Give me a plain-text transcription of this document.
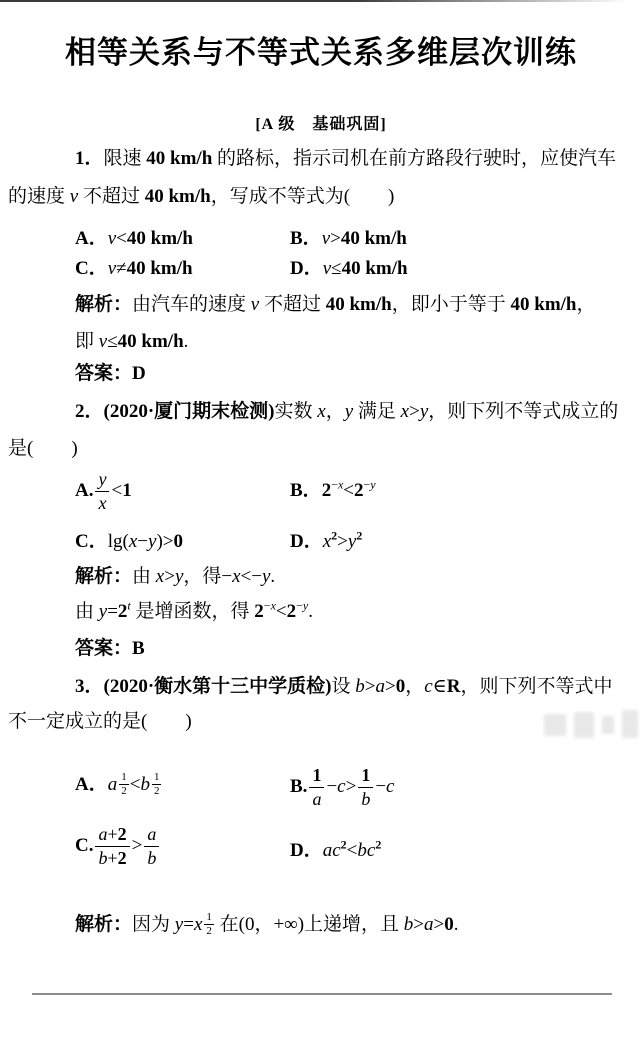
相等关系与不等式关系多维层次训练
[A 级　基础巩固]
1．限速 40 km/h 的路标，指示司机在前方路段行驶时，应使汽车
的速度 v 不超过 40 km/h，写成不等式为(　　)
A．v<40 km/h	B．v>40 km/h
C．v≠40 km/h	D．v≤40 km/h
解析：由汽车的速度 v 不超过 40 km/h，即小于等于 40 km/h，
即 v≤40 km/h.
答案：D
2．(2020·厦门期末检测)实数 x，y 满足 x>y，则下列不等式成立的
是(　　)
A. $\frac{y}{x} < 1$	B．$2^{-x}<2^{-y}$
C．lg(x−y)>0	D．$x^2>y^2$
解析：由 x>y，得−x<−y.
由 $y=2^t$ 是增函数，得 $2^{-x}<2^{-y}$.
答案：B
3．(2020·衡水第十三中学质检)设 b>a>0，c∈R，则下列不等式中
不一定成立的是(　　)
A．a $\frac{1}{2} <b \frac{1}{2}$	B. $\frac{1}{a} - c > \frac{1}{b} - c$
C. $\frac{a+2}{b+2} > \frac{a}{b}$	D．$ac^2<bc^2$
解析：因为 $y=x \frac{1}{2}$ 在(0，+∞)上递增，且 b>a>0.
